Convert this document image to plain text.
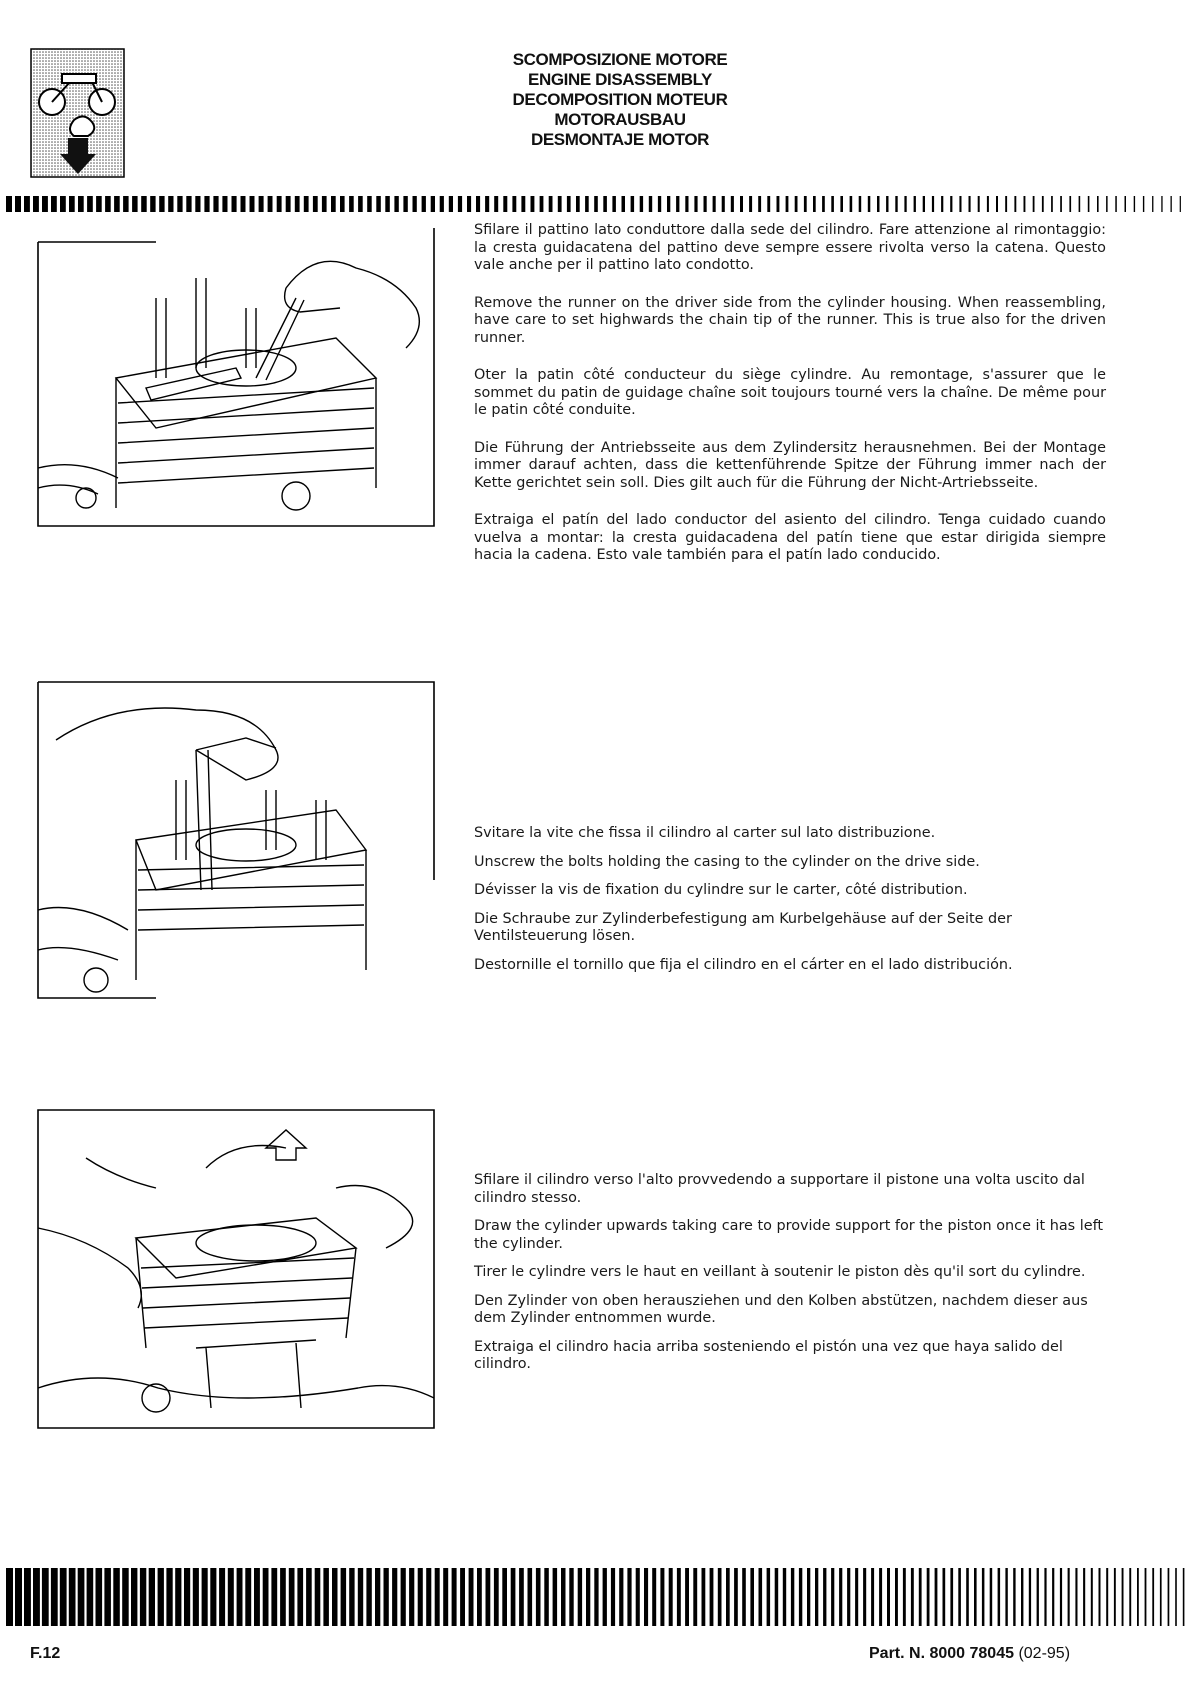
SCOMPOSIZIONE MOTORE
ENGINE DISASSEMBLY
DECOMPOSITION MOTEUR
MOTORAUSBAU
DESMONTAJE MOTOR

Sfilare il pattino lato conduttore dalla sede del cilindro. Fare attenzione al rimontaggio: la cresta guidacatena del pattino deve sempre essere rivolta verso la catena. Questo vale anche per il pattino lato condotto.

Remove the runner on the driver side from the cylinder housing. When reassembling, have care to set highwards the chain tip of the runner. This is true also for the driven runner.

Oter la patin côté conducteur du siège cylindre. Au remontage, s'assurer que le sommet du patin de guidage chaîne soit toujours tourné vers la chaîne. De même pour le patin côté conduite.

Die Führung der Antriebsseite aus dem Zylindersitz herausnehmen. Bei der Montage immer darauf achten, dass die kettenführende Spitze der Führung immer nach der Kette gerichtet sein soll. Dies gilt auch für die Führung der Nicht-Artriebsseite.

Extraiga el patín del lado conductor del asiento del cilindro. Tenga cuidado cuando vuelva a montar: la cresta guidacadena del patín tiene que estar dirigida siempre hacia la cadena. Esto vale también para el patín lado conducido.

Svitare la vite che fissa il cilindro al carter sul lato distribuzione.

Unscrew the bolts holding the casing to the cylinder on the drive side.

Dévisser la vis de fixation du cylindre sur le carter, côté distribution.

Die Schraube zur Zylinderbefestigung am Kurbelgehäuse auf der Seite der Ventilsteuerung lösen.

Destornille el tornillo que fija el cilindro en el cárter en el lado distribución.

Sfilare il cilindro verso l'alto provvedendo a supportare il pistone una volta uscito dal cilindro stesso.

Draw the cylinder upwards taking care to provide support for the piston once it has left the cylinder.

Tirer le cylindre vers le haut en veillant à soutenir le piston dès qu'il sort du cylindre.

Den Zylinder von oben herausziehen und den Kolben abstützen, nachdem dieser aus dem Zylinder entnommen wurde.

Extraiga el cilindro hacia arriba sosteniendo el pistón una vez que haya salido del cilindro.

F.12	Part. N. 8000 78045 (02-95)
